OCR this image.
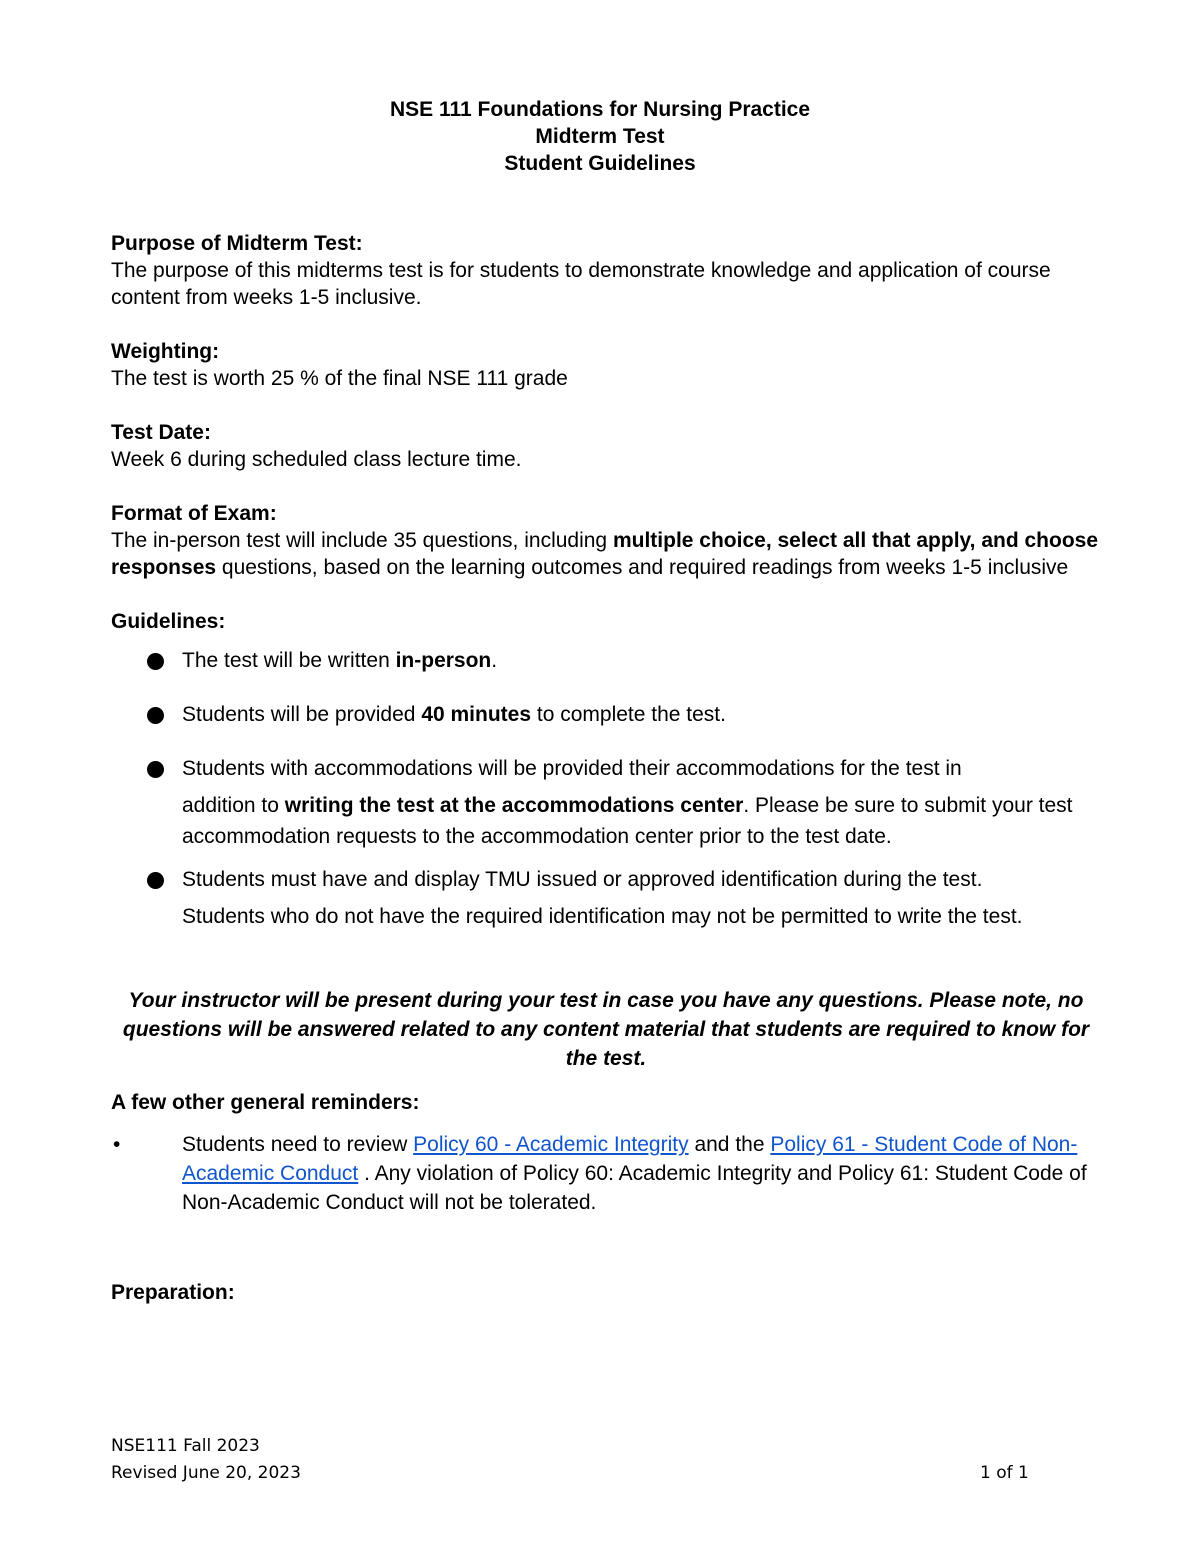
NSE 111 Foundations for Nursing Practice
Midterm Test
Student Guidelines
Purpose of Midterm Test:

The purpose of this midterms test is for students to demonstrate knowledge and application of course content from weeks 1-5 inclusive.

Weighting:

The test is worth 25 % of the final NSE 111 grade

Test Date:

Week 6 during scheduled class lecture time.

Format of Exam:

The in-person test will include 35 questions, including multiple choice, select all that apply, and choose responses questions, based on the learning outcomes and required readings from weeks 1-5 inclusive

Guidelines:
The test will be written in-person.
Students will be provided 40 minutes to complete the test.
Students with accommodations will be provided their accommodations for the test in
addition to writing the test at the accommodations center. Please be sure to submit your test accommodation requests to the accommodation center prior to the test date.
Students must have and display TMU issued or approved identification during the test.
Students who do not have the required identification may not be permitted to write the test.
Your instructor will be present during your test in case you have any questions. Please note, no questions will be answered related to any content material that students are required to know for the test.
A few other general reminders:
•	Students need to review Policy 60 - Academic Integrity and the Policy 61 - Student Code of Non-Academic Conduct . Any violation of Policy 60: Academic Integrity and Policy 61: Student Code of Non-Academic Conduct will not be tolerated.
Preparation:
NSE111 Fall 2023
Revised June 20, 2023	1 of 1
